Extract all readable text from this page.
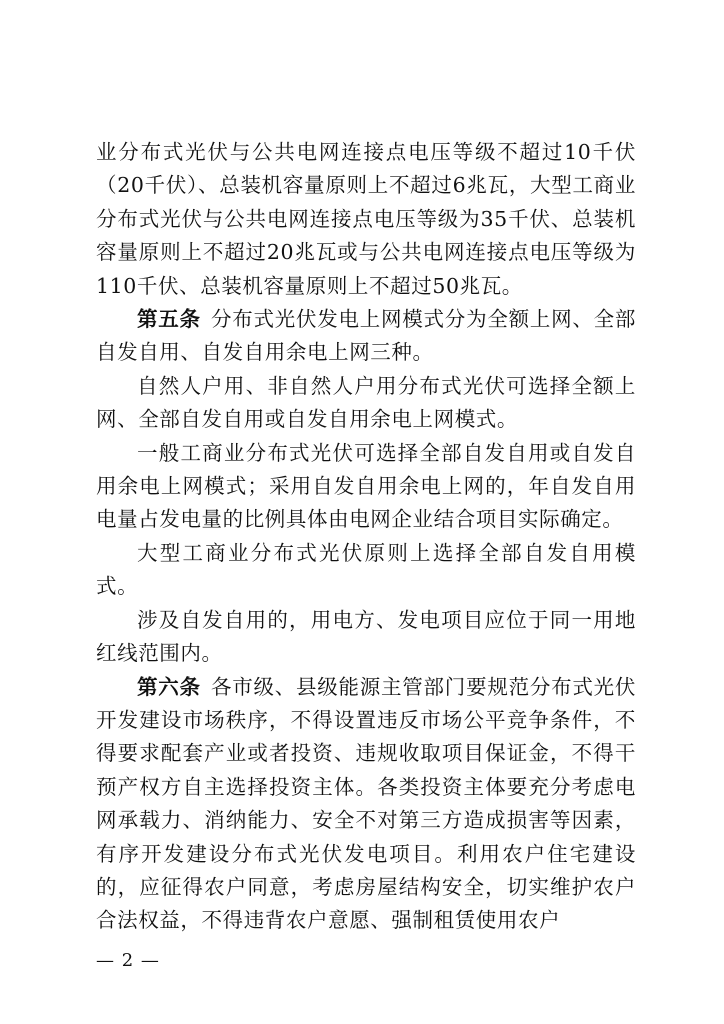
业分布式光伏与公共电网连接点电压等级不超过10千伏（20千伏）、总装机容量原则上不超过6兆瓦，大型工商业分布式光伏与公共电网连接点电压等级为35千伏、总装机容量原则上不超过20兆瓦或与公共电网连接点电压等级为110千伏、总装机容量原则上不超过50兆瓦。

第五条 分布式光伏发电上网模式分为全额上网、全部自发自用、自发自用余电上网三种。

自然人户用、非自然人户用分布式光伏可选择全额上网、全部自发自用或自发自用余电上网模式。

一般工商业分布式光伏可选择全部自发自用或自发自用余电上网模式；采用自发自用余电上网的，年自发自用电量占发电量的比例具体由电网企业结合项目实际确定。

大型工商业分布式光伏原则上选择全部自发自用模式。

涉及自发自用的，用电方、发电项目应位于同一用地红线范围内。

第六条 各市级、县级能源主管部门要规范分布式光伏开发建设市场秩序，不得设置违反市场公平竞争条件，不得要求配套产业或者投资、违规收取项目保证金，不得干预产权方自主选择投资主体。各类投资主体要充分考虑电网承载力、消纳能力、安全不对第三方造成损害等因素，有序开发建设分布式光伏发电项目。利用农户住宅建设的，应征得农户同意，考虑房屋结构安全，切实维护农户合法权益，不得违背农户意愿、强制租赁使用农户

— 2 —
